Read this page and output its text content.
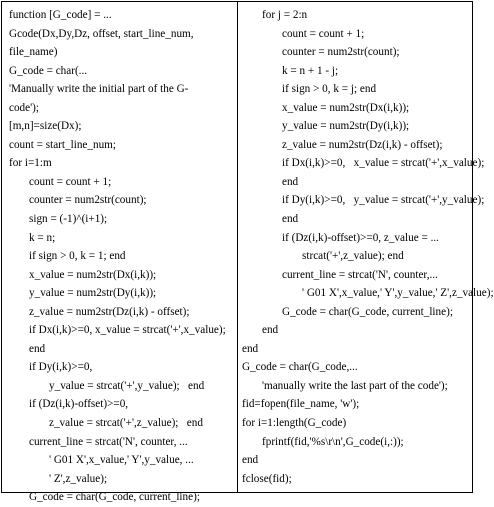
function [G_code] = ...
Gcode(Dx,Dy,Dz, offset, start_line_num,
file_name)
G_code = char(...
'Manually write the initial part of the G-
code');
[m,n]=size(Dx);
count = start_line_num;
for i=1:m
count = count + 1;
counter = num2str(count);
sign = (-1)^(i+1);
k = n;
if sign > 0, k = 1; end
x_value = num2str(Dx(i,k));
y_value = num2str(Dy(i,k));
z_value = num2str(Dz(i,k) - offset);
if Dx(i,k)>=0, x_value = strcat('+',x_value);
end
if Dy(i,k)>=0,
y_value = strcat('+',y_value);   end
if (Dz(i,k)-offset)>=0,
z_value = strcat('+',z_value);   end
current_line = strcat('N', counter, ...
' G01 X',x_value,' Y',y_value, ...
' Z',z_value);
G_code = char(G_code, current_line);
for j = 2:n
count = count + 1;
counter = num2str(count);
k = n + 1 - j;
if sign > 0, k = j; end
x_value = num2str(Dx(i,k));
y_value = num2str(Dy(i,k));
z_value = num2str(Dz(i,k) - offset);
if Dx(i,k)>=0,   x_value = strcat('+',x_value);
end
if Dy(i,k)>=0,   y_value = strcat('+',y_value);
end
if (Dz(i,k)-offset)>=0, z_value = ...
strcat('+',z_value); end
current_line = strcat('N', counter,...
' G01 X',x_value,' Y',y_value,' Z',z_value);
G_code = char(G_code, current_line);
end
end
G_code = char(G_code,...
'manually write the last part of the code');
fid=fopen(file_name, 'w');
for i=1:length(G_code)
fprintf(fid,'%s\r\n',G_code(i,:));
end
fclose(fid);
